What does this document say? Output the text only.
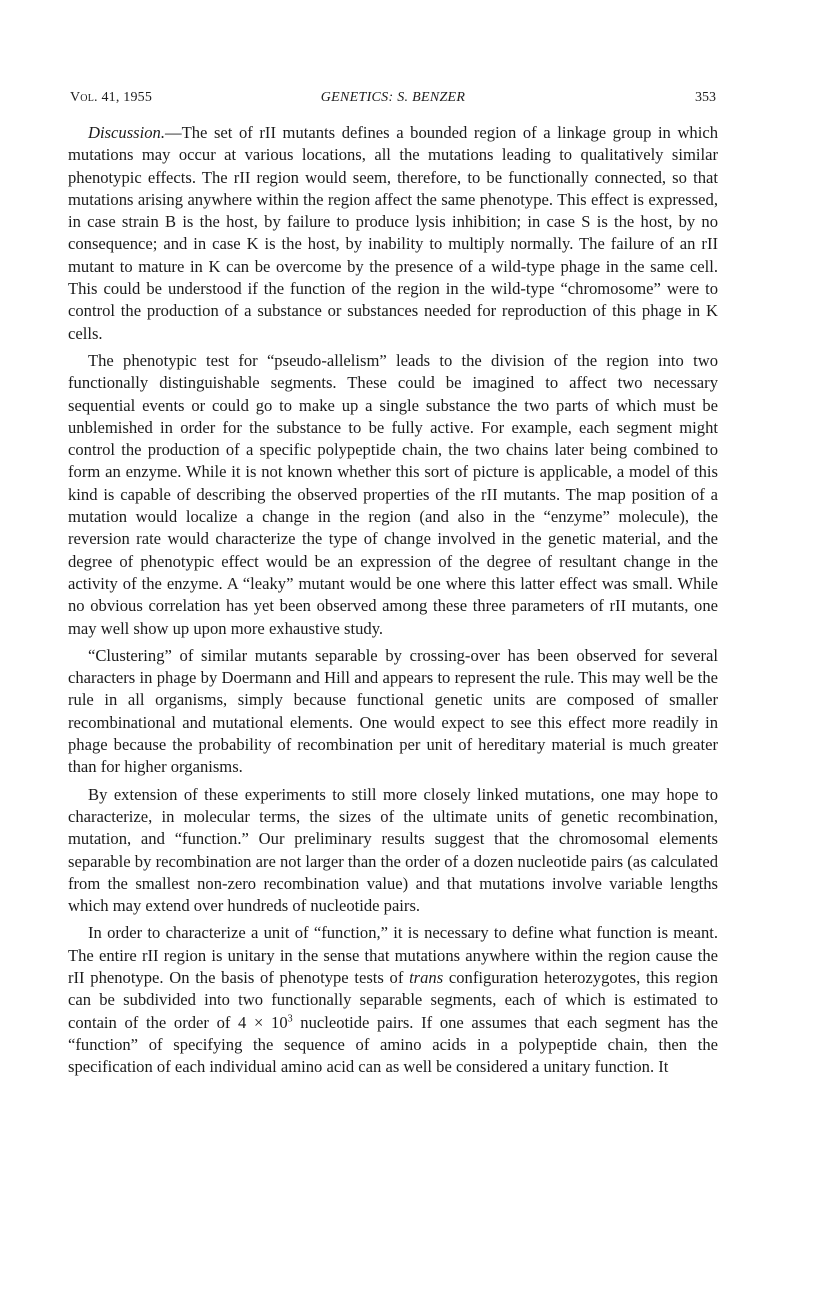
Vol. 41, 1955	GENETICS: S. BENZER	353

Discussion.—The set of rII mutants defines a bounded region of a linkage group in which mutations may occur at various locations, all the mutations leading to qualitatively similar phenotypic effects. The rII region would seem, therefore, to be functionally connected, so that mutations arising anywhere within the region affect the same phenotype. This effect is expressed, in case strain B is the host, by failure to produce lysis inhibition; in case S is the host, by no consequence; and in case K is the host, by inability to multiply normally. The failure of an rII mutant to mature in K can be overcome by the presence of a wild-type phage in the same cell. This could be understood if the function of the region in the wild-type “chromosome” were to control the production of a substance or substances needed for reproduction of this phage in K cells.

The phenotypic test for “pseudo-allelism” leads to the division of the region into two functionally distinguishable segments. These could be imagined to affect two necessary sequential events or could go to make up a single substance the two parts of which must be unblemished in order for the substance to be fully active. For example, each segment might control the production of a specific polypeptide chain, the two chains later being combined to form an enzyme. While it is not known whether this sort of picture is applicable, a model of this kind is capable of describing the observed properties of the rII mutants. The map position of a mutation would localize a change in the region (and also in the “enzyme” molecule), the reversion rate would characterize the type of change involved in the genetic material, and the degree of phenotypic effect would be an expression of the degree of resultant change in the activity of the enzyme. A “leaky” mutant would be one where this latter effect was small. While no obvious correlation has yet been observed among these three parameters of rII mutants, one may well show up upon more exhaustive study.

“Clustering” of similar mutants separable by crossing-over has been observed for several characters in phage by Doermann and Hill and appears to represent the rule. This may well be the rule in all organisms, simply because functional genetic units are composed of smaller recombinational and mutational elements. One would expect to see this effect more readily in phage because the probability of recombination per unit of hereditary material is much greater than for higher organisms.

By extension of these experiments to still more closely linked mutations, one may hope to characterize, in molecular terms, the sizes of the ultimate units of genetic recombination, mutation, and “function.” Our preliminary results suggest that the chromosomal elements separable by recombination are not larger than the order of a dozen nucleotide pairs (as calculated from the smallest non-zero recombination value) and that mutations involve variable lengths which may extend over hundreds of nucleotide pairs.

In order to characterize a unit of “function,” it is necessary to define what function is meant. The entire rII region is unitary in the sense that mutations anywhere within the region cause the rII phenotype. On the basis of phenotype tests of trans configuration heterozygotes, this region can be subdivided into two functionally separable segments, each of which is estimated to contain of the order of $4 \times 10^3$ nucleotide pairs. If one assumes that each segment has the “function” of specifying the sequence of amino acids in a polypeptide chain, then the specification of each individual amino acid can as well be considered a unitary function. It
